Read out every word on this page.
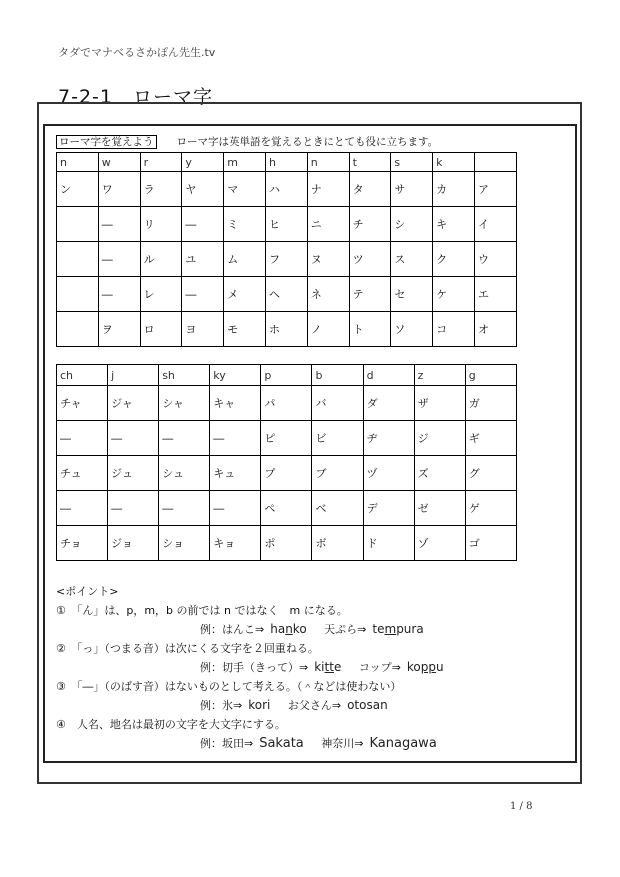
タダでマナベるさかぽん先生.tv
7-2-1　ローマ字
ローマ字を覚えよう ローマ字は英単語を覚えるときにとても役に立ちます。
n	w	r	y	m	h	n	t	s	k	
ン	ワ	ラ	ヤ	マ	ハ	ナ	タ	サ	カ	ア
	―	リ	―	ミ	ヒ	ニ	チ	シ	キ	イ
	―	ル	ユ	ム	フ	ヌ	ツ	ス	ク	ウ
	―	レ	―	メ	ヘ	ネ	テ	セ	ケ	エ
	ヲ	ロ	ヨ	モ	ホ	ノ	ト	ソ	コ	オ
ch	j	sh	ky	p	b	d	z	g
チャ	ジャ	シャ	キャ	パ	バ	ダ	ザ	ガ
―	―	―	―	ピ	ビ	ヂ	ジ	ギ
チュ	ジュ	シュ	キュ	プ	ブ	ヅ	ズ	グ
―	―	―	―	ペ	ベ	デ	ゼ	ゲ
チョ	ジョ	ショ	キョ	ポ	ボ	ド	ゾ	ゴ
<ポイント>
①　「ん」は、p，m，b の前では n ではなく　m になる。
例：はんこ⇒ hanko 天ぷら⇒ tempura
②　「っ」（つまる音）は次にくる文字を２回重ねる。
例：切手（きって）⇒ kitte コップ⇒ koppu
③　「―」（のばす音）はないものとして考える。（＾などは使わない）
例：氷⇒ kori お父さん⇒ otosan
④　人名、地名は最初の文字を大文字にする。
例：坂田⇒ Sakata 神奈川⇒ Kanagawa
1 / 8
